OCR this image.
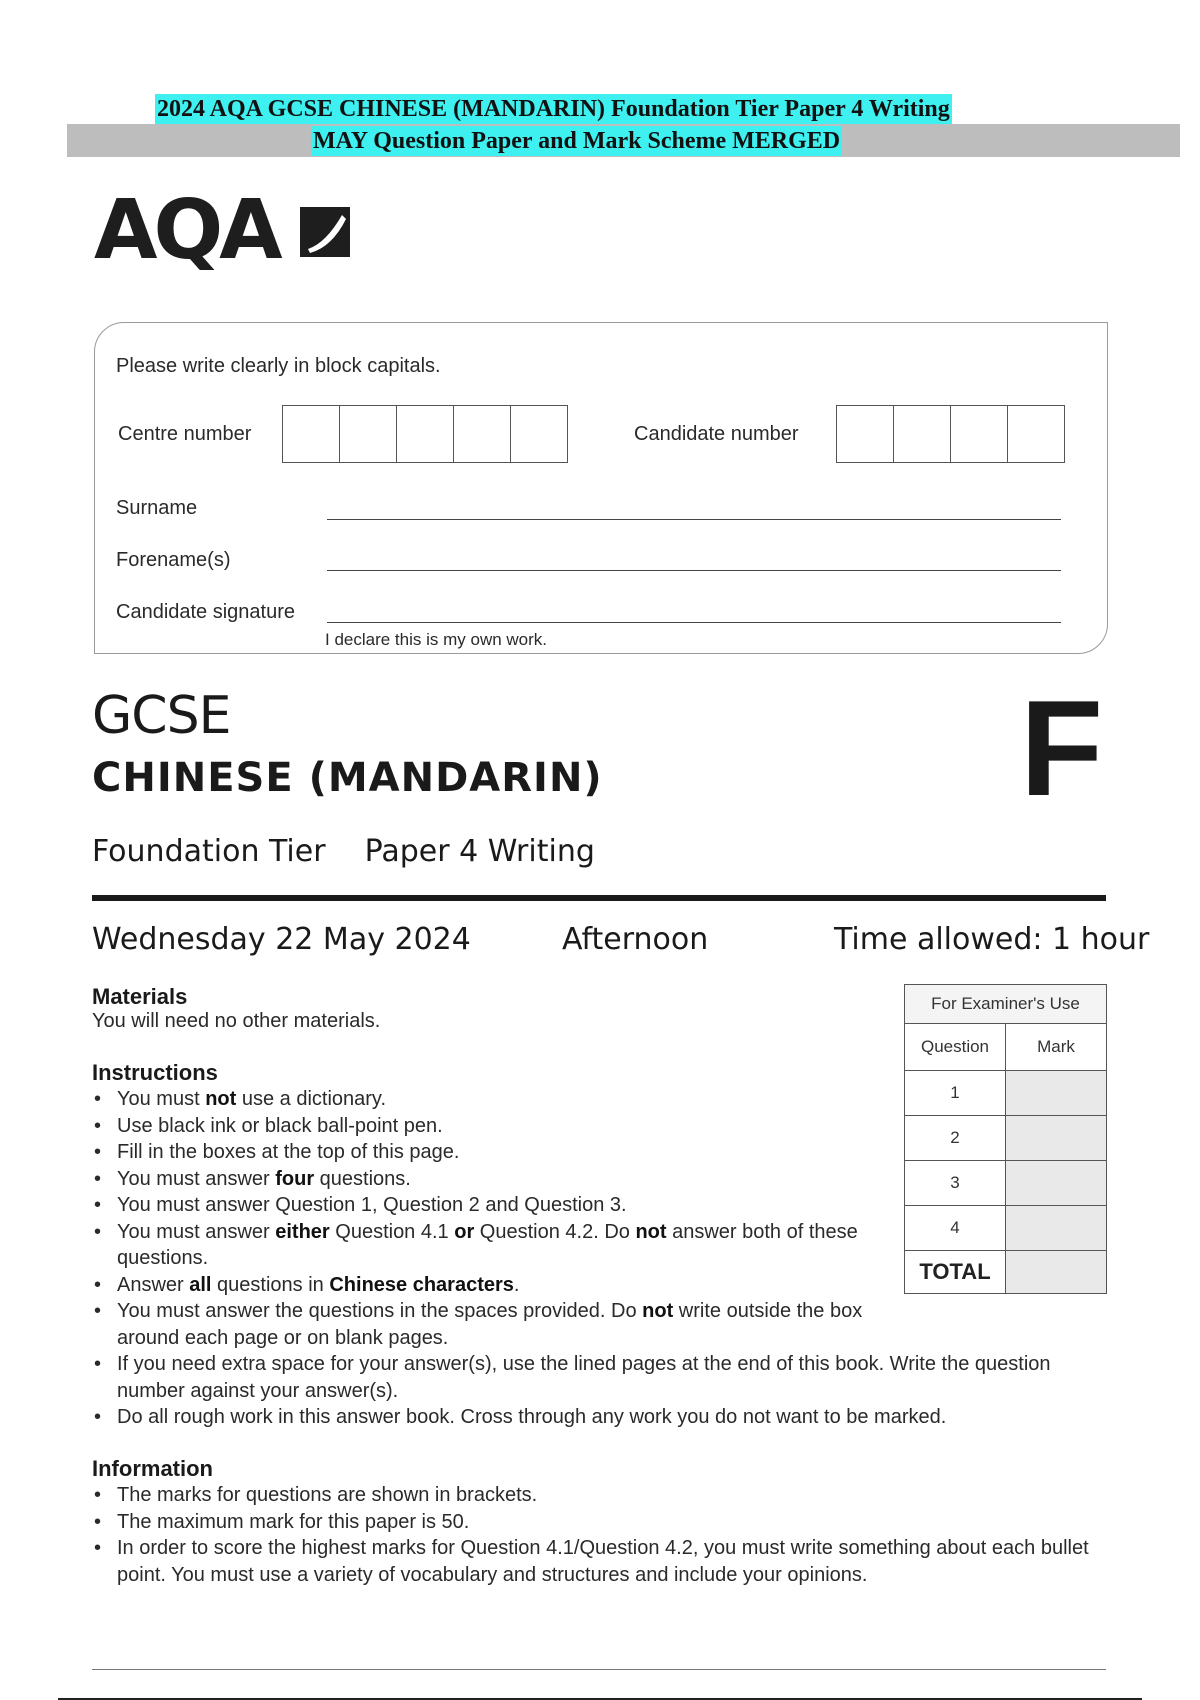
2024 AQA GCSE CHINESE (MANDARIN) Foundation Tier Paper 4 Writing
MAY Question Paper and Mark Scheme MERGED
AQA
Please write clearly in block capitals.
Centre number	Candidate number
Surname
Forename(s)
Candidate signature
I declare this is my own work.
GCSE
CHINESE (MANDARIN)
Foundation Tier Paper 4 Writing
F
Wednesday 22 May 2024	Afternoon	Time allowed: 1 hour
Materials
You will need no other materials.
Instructions
• You must not use a dictionary.
• Use black ink or black ball-point pen.
• Fill in the boxes at the top of this page.
• You must answer four questions.
• You must answer Question 1, Question 2 and Question 3.
• You must answer either Question 4.1 or Question 4.2. Do not answer both of these questions.
• Answer all questions in Chinese characters.
• You must answer the questions in the spaces provided. Do not write outside the box around each page or on blank pages.
• If you need extra space for your answer(s), use the lined pages at the end of this book. Write the question number against your answer(s).
• Do all rough work in this answer book. Cross through any work you do not want to be marked.
Information
• The marks for questions are shown in brackets.
• The maximum mark for this paper is 50.
• In order to score the highest marks for Question 4.1/Question 4.2, you must write something about each bullet point. You must use a variety of vocabulary and structures and include your opinions.
For Examiner's Use	
Question	Mark
1	
2	
3	
4	
TOTAL	
